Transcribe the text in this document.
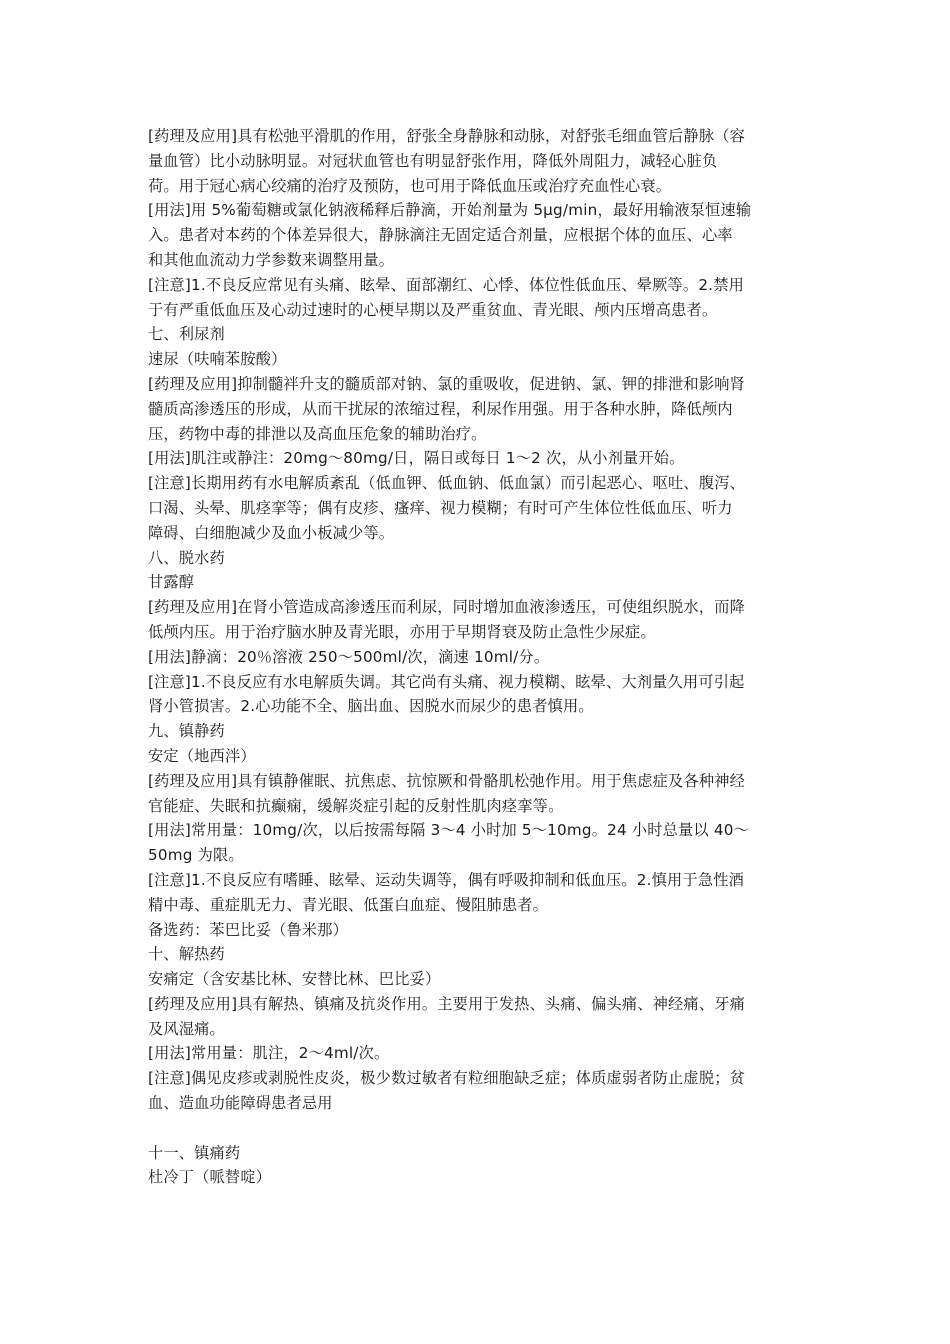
[药理及应用]具有松弛平滑肌的作用，舒张全身静脉和动脉，对舒张毛细血管后静脉（容
量血管）比小动脉明显。对冠状血管也有明显舒张作用，降低外周阻力，减轻心脏负
荷。用于冠心病心绞痛的治疗及预防，也可用于降低血压或治疗充血性心衰。
[用法]用 5%葡萄糖或氯化钠液稀释后静滴，开始剂量为 5μg/min，最好用输液泵恒速输
入。患者对本药的个体差异很大，静脉滴注无固定适合剂量，应根据个体的血压、心率
和其他血流动力学参数来调整用量。
[注意]1.不良反应常见有头痛、眩晕、面部潮红、心悸、体位性低血压、晕厥等。2.禁用
于有严重低血压及心动过速时的心梗早期以及严重贫血、青光眼、颅内压增高患者。
七、利尿剂
速尿（呋喃苯胺酸）
[药理及应用]抑制髓袢升支的髓质部对钠、氯的重吸收，促进钠、氯、钾的排泄和影响肾
髓质高渗透压的形成，从而干扰尿的浓缩过程，利尿作用强。用于各种水肿，降低颅内
压，药物中毒的排泄以及高血压危象的辅助治疗。
[用法]肌注或静注：20mg～80mg/日，隔日或每日 1～2 次，从小剂量开始。
[注意]长期用药有水电解质紊乱（低血钾、低血钠、低血氯）而引起恶心、呕吐、腹泻、
口渴、头晕、肌痉挛等；偶有皮疹、瘙痒、视力模糊；有时可产生体位性低血压、听力
障碍、白细胞减少及血小板减少等。
八、脱水药
甘露醇
[药理及应用]在肾小管造成高渗透压而利尿，同时增加血液渗透压，可使组织脱水，而降
低颅内压。用于治疗脑水肿及青光眼，亦用于早期肾衰及防止急性少尿症。
[用法]静滴：20％溶液 250～500ml/次，滴速 10ml/分。
[注意]1.不良反应有水电解质失调。其它尚有头痛、视力模糊、眩晕、大剂量久用可引起
肾小管损害。2.心功能不全、脑出血、因脱水而尿少的患者慎用。
九、镇静药
安定（地西泮）
[药理及应用]具有镇静催眠、抗焦虑、抗惊厥和骨骼肌松弛作用。用于焦虑症及各种神经
官能症、失眠和抗癫痫，缓解炎症引起的反射性肌肉痉挛等。
[用法]常用量：10mg/次，以后按需每隔 3～4 小时加 5～10mg。24 小时总量以 40～
50mg 为限。
[注意]1.不良反应有嗜睡、眩晕、运动失调等，偶有呼吸抑制和低血压。2.慎用于急性酒
精中毒、重症肌无力、青光眼、低蛋白血症、慢阻肺患者。
备选药：苯巴比妥（鲁米那）
十、解热药
安痛定（含安基比林、安替比林、巴比妥）
[药理及应用]具有解热、镇痛及抗炎作用。主要用于发热、头痛、偏头痛、神经痛、牙痛
及风湿痛。
[用法]常用量：肌注，2～4ml/次。
[注意]偶见皮疹或剥脱性皮炎，极少数过敏者有粒细胞缺乏症；体质虚弱者防止虚脱；贫
血、造血功能障碍患者忌用
十一、镇痛药
杜冷丁（哌替啶）
